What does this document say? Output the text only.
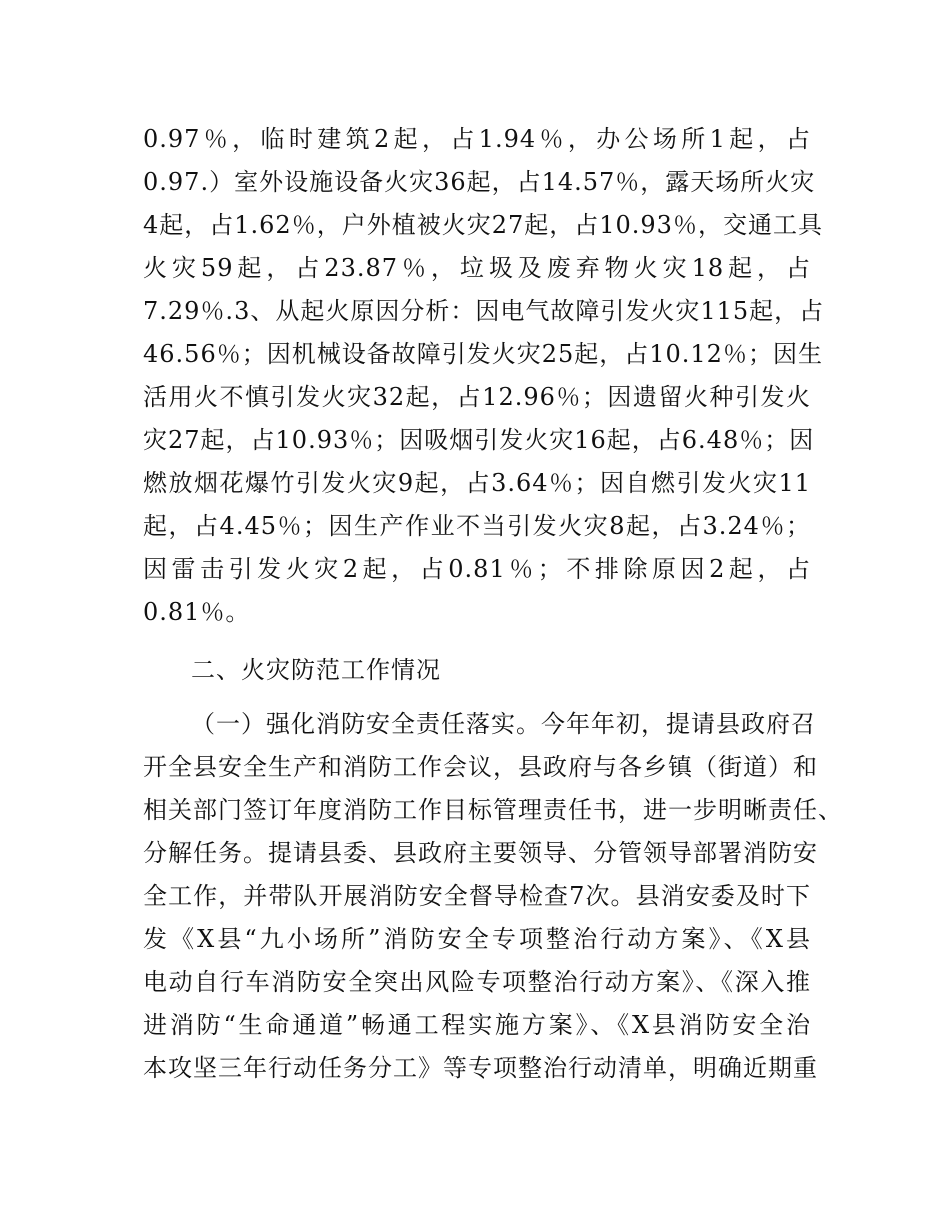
0.97％，临时建筑2起，占1.94％，办公场所1起，占
0.97.）室外设施设备火灾36起，占14.57％，露天场所火灾
4起，占1.62％，户外植被火灾27起，占10.93％，交通工具
火灾59起，占23.87％，垃圾及废弃物火灾18起，占
7.29％.3、从起火原因分析：因电气故障引发火灾115起，占
46.56％；因机械设备故障引发火灾25起，占10.12％；因生
活用火不慎引发火灾32起，占12.96％；因遗留火种引发火
灾27起，占10.93％；因吸烟引发火灾16起，占6.48％；因
燃放烟花爆竹引发火灾9起，占3.64％；因自燃引发火灾11
起，占4.45％；因生产作业不当引发火灾8起，占3.24％；
因雷击引发火灾2起，占0.81％；不排除原因2起，占
0.81％。
二、火灾防范工作情况
（一）强化消防安全责任落实。今年年初，提请县政府召
开全县安全生产和消防工作会议，县政府与各乡镇（街道）和
相关部门签订年度消防工作目标管理责任书，进一步明晰责任、
分解任务。提请县委、县政府主要领导、分管领导部署消防安
全工作，并带队开展消防安全督导检查7次。县消安委及时下
发《X县“九小场所”消防安全专项整治行动方案》、《X县
电动自行车消防安全突出风险专项整治行动方案》、《深入推
进消防“生命通道”畅通工程实施方案》、《X县消防安全治
本攻坚三年行动任务分工》等专项整治行动清单，明确近期重
